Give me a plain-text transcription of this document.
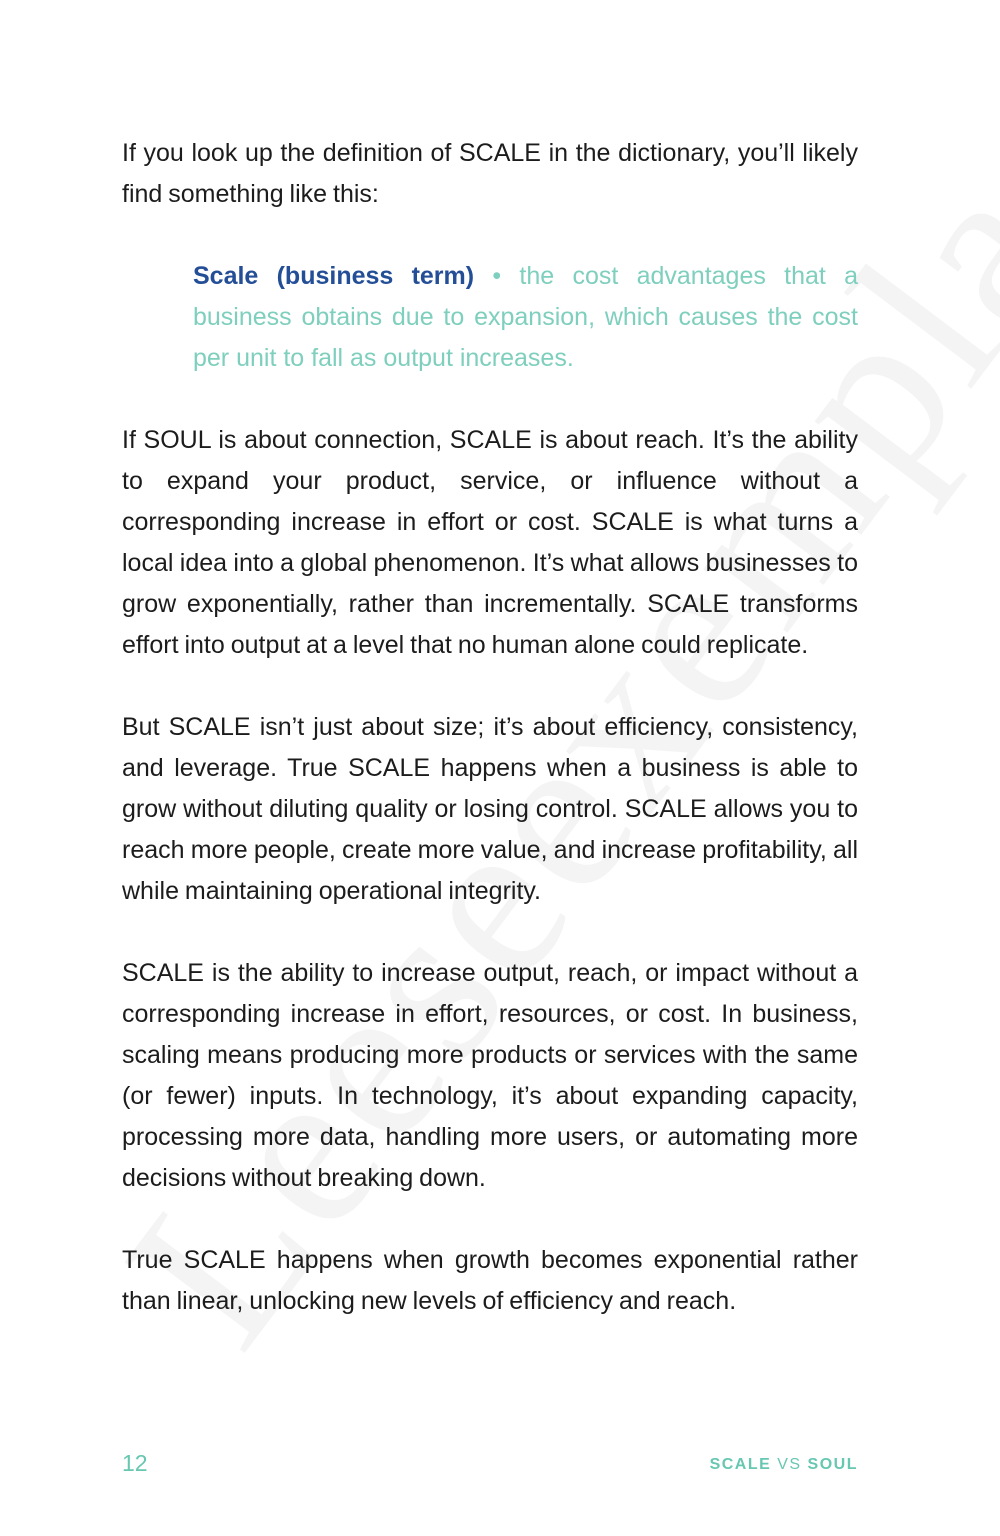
If you look up the definition of SCALE in the dictionary, you’ll likely find something like this:

Scale (business term) • the cost advantages that a business obtains due to expansion, which causes the cost per unit to fall as output increases.

If SOUL is about connection, SCALE is about reach. It’s the ability to expand your product, service, or influence without a corresponding increase in effort or cost. SCALE is what turns a local idea into a global phenomenon. It’s what allows businesses to grow exponentially, rather than incrementally. SCALE transforms effort into output at a level that no human alone could replicate.

But SCALE isn’t just about size; it’s about efficiency, consistency, and leverage. True SCALE happens when a business is able to grow without diluting quality or losing control. SCALE allows you to reach more people, create more value, and increase profitability, all while maintaining operational integrity.

SCALE is the ability to increase output, reach, or impact without a corresponding increase in effort, resources, or cost. In business, scaling means producing more products or services with the same (or fewer) inputs. In technology, it’s about expanding capacity, processing more data, handling more users, or automating more decisions without breaking down.

True SCALE happens when growth becomes exponential rather than linear, unlocking new levels of efficiency and reach.

12	SCALE VS SOUL
